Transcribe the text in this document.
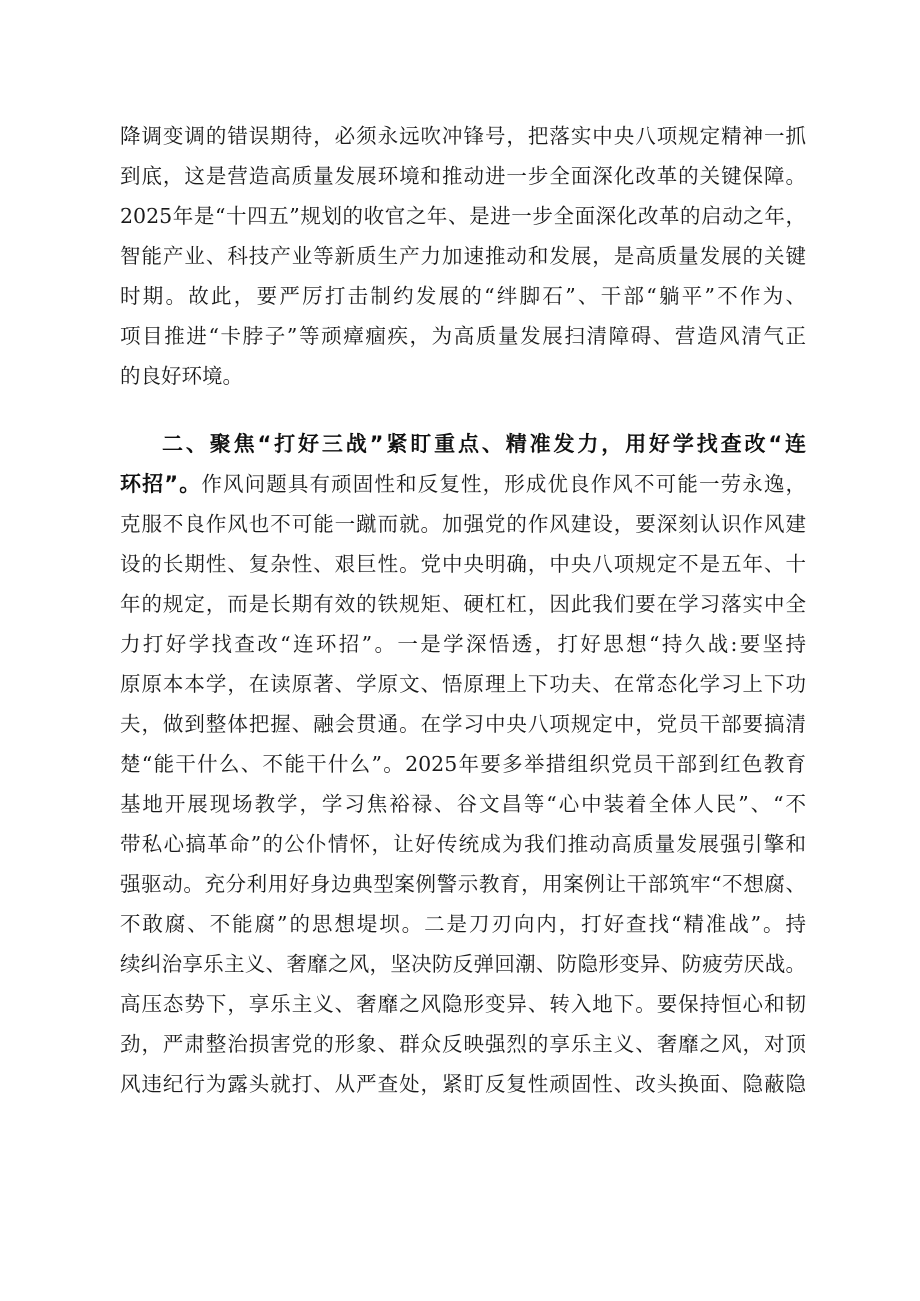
降调变调的错误期待，必须永远吹冲锋号，把落实中央八项规定精神一抓
到底，这是营造高质量发展环境和推动进一步全面深化改革的关键保障。
2025年是“十四五”规划的收官之年、是进一步全面深化改革的启动之年，
智能产业、科技产业等新质生产力加速推动和发展，是高质量发展的关键
时期。故此，要严厉打击制约发展的“绊脚石”、干部“躺平”不作为、
项目推进“卡脖子”等顽瘴痼疾，为高质量发展扫清障碍、营造风清气正
的良好环境。
二、聚焦“打好三战”紧盯重点、精准发力，用好学找查改“连
环招”。作风问题具有顽固性和反复性，形成优良作风不可能一劳永逸，
克服不良作风也不可能一蹴而就。加强党的作风建设，要深刻认识作风建
设的长期性、复杂性、艰巨性。党中央明确，中央八项规定不是五年、十
年的规定，而是长期有效的铁规矩、硬杠杠，因此我们要在学习落实中全
力打好学找查改“连环招”。一是学深悟透，打好思想“持久战:要坚持
原原本本学，在读原著、学原文、悟原理上下功夫、在常态化学习上下功
夫，做到整体把握、融会贯通。在学习中央八项规定中，党员干部要搞清
楚“能干什么、不能干什么”。2025年要多举措组织党员干部到红色教育
基地开展现场教学，学习焦裕禄、谷文昌等“心中装着全体人民”、“不
带私心搞革命”的公仆情怀，让好传统成为我们推动高质量发展强引擎和
强驱动。充分利用好身边典型案例警示教育，用案例让干部筑牢“不想腐、
不敢腐、不能腐”的思想堤坝。二是刀刃向内，打好查找“精准战”。持
续纠治享乐主义、奢靡之风，坚决防反弹回潮、防隐形变异、防疲劳厌战。
高压态势下，享乐主义、奢靡之风隐形变异、转入地下。要保持恒心和韧
劲，严肃整治损害党的形象、群众反映强烈的享乐主义、奢靡之风，对顶
风违纪行为露头就打、从严查处，紧盯反复性顽固性、改头换面、隐蔽隐
